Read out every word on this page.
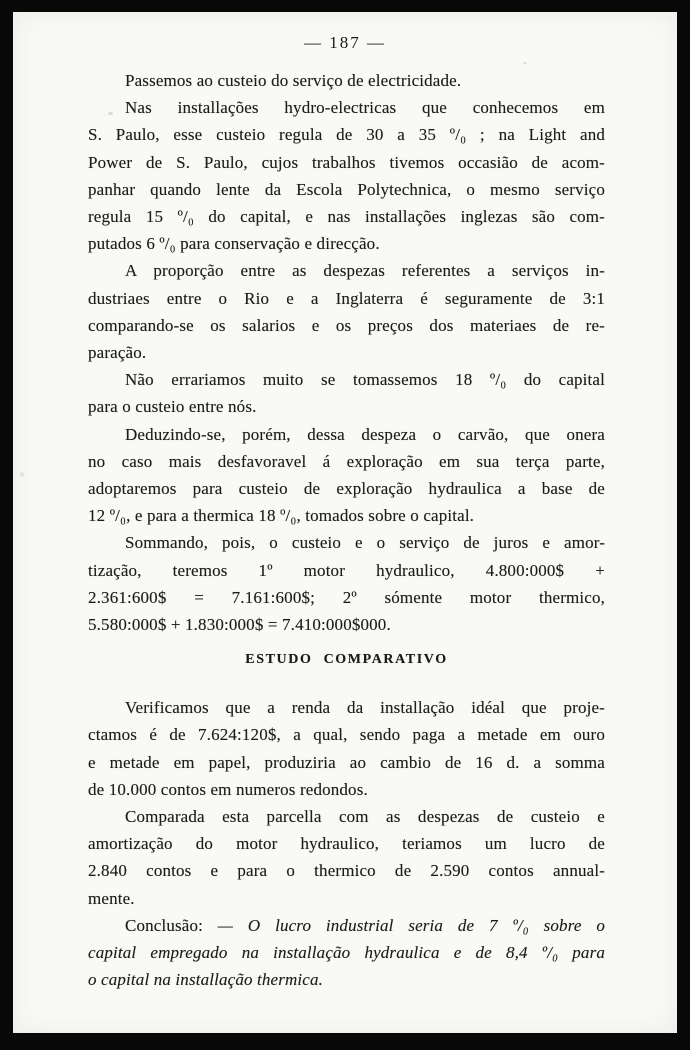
— 187 —
Passemos ao custeio do serviço de electricidade.
Nas installações hydro-electricas que conhecemos em
S. Paulo, esse custeio regula de 30 a 35 º/₀ ; na Light and
Power de S. Paulo, cujos trabalhos tivemos occasião de acom-
panhar quando lente da Escola Polytechnica, o mesmo serviço
regula 15 º/₀ do capital, e nas installações inglezas são com-
putados 6 º/₀ para conservação e direcção.
A proporção entre as despezas referentes a serviços in-
dustriaes entre o Rio e a Inglaterra é seguramente de 3:1
comparando-se os salarios e os preços dos materiaes de re-
paração.
Não errariamos muito se tomassemos 18 º/₀ do capital
para o custeio entre nós.
Deduzindo-se, porém, dessa despeza o carvão, que onera
no caso mais desfavoravel á exploração em sua terça parte,
adoptaremos para custeio de exploração hydraulica a base de
12 º/₀, e para a thermica 18 º/₀, tomados sobre o capital.
Sommando, pois, o custeio e o serviço de juros e amor-
tização, teremos 1º motor hydraulico, 4.800:000$ +
2.361:600$ = 7.161:600$; 2º sómente motor thermico,
5.580:000$ + 1.830:000$ = 7.410:000$000.
ESTUDO COMPARATIVO
Verificamos que a renda da installação idéal que proje-
ctamos é de 7.624:120$, a qual, sendo paga a metade em ouro
e metade em papel, produziria ao cambio de 16 d. a somma
de 10.000 contos em numeros redondos.
Comparada esta parcella com as despezas de custeio e
amortização do motor hydraulico, teriamos um lucro de
2.840 contos e para o thermico de 2.590 contos annual-
mente.
Conclusão: — O lucro industrial seria de 7 º/₀ sobre o
capital empregado na installação hydraulica e de 8,4 º/₀ para
o capital na installação thermica.
